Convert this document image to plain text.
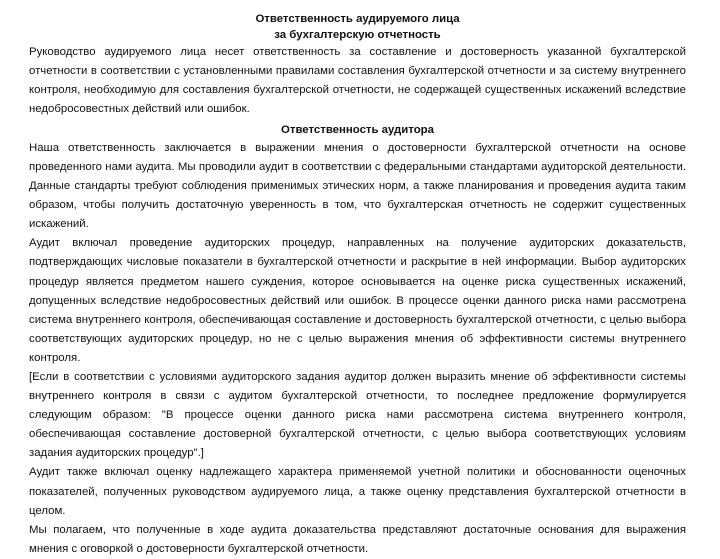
Ответственность аудируемого лица
за бухгалтерскую отчетность

Руководство аудируемого лица несет ответственность за составление и достоверность указанной бухгалтерской отчетности в соответствии с установленными правилами составления бухгалтерской отчетности и за систему внутреннего контроля, необходимую для составления бухгалтерской отчетности, не содержащей существенных искажений вследствие недобросовестных действий или ошибок.

Ответственность аудитора

Наша ответственность заключается в выражении мнения о достоверности бухгалтерской отчетности на основе проведенного нами аудита. Мы проводили аудит в соответствии с федеральными стандартами аудиторской деятельности. Данные стандарты требуют соблюдения применимых этических норм, а также планирования и проведения аудита таким образом, чтобы получить достаточную уверенность в том, что бухгалтерская отчетность не содержит существенных искажений.

Аудит включал проведение аудиторских процедур, направленных на получение аудиторских доказательств, подтверждающих числовые показатели в бухгалтерской отчетности и раскрытие в ней информации. Выбор аудиторских процедур является предметом нашего суждения, которое основывается на оценке риска существенных искажений, допущенных вследствие недобросовестных действий или ошибок. В процессе оценки данного риска нами рассмотрена система внутреннего контроля, обеспечивающая составление и достоверность бухгалтерской отчетности, с целью выбора соответствующих аудиторских процедур, но не с целью выражения мнения об эффективности системы внутреннего контроля.

[Если в соответствии с условиями аудиторского задания аудитор должен выразить мнение об эффективности системы внутреннего контроля в связи с аудитом бухгалтерской отчетности, то последнее предложение формулируется следующим образом: "В процессе оценки данного риска нами рассмотрена система внутреннего контроля, обеспечивающая составление достоверной бухгалтерской отчетности, с целью выбора соответствующих условиям задания аудиторских процедур".]

Аудит также включал оценку надлежащего характера применяемой учетной политики и обоснованности оценочных показателей, полученных руководством аудируемого лица, а также оценку представления бухгалтерской отчетности в целом.

Мы полагаем, что полученные в ходе аудита доказательства представляют достаточные основания для выражения мнения с оговоркой о достоверности бухгалтерской отчетности.
